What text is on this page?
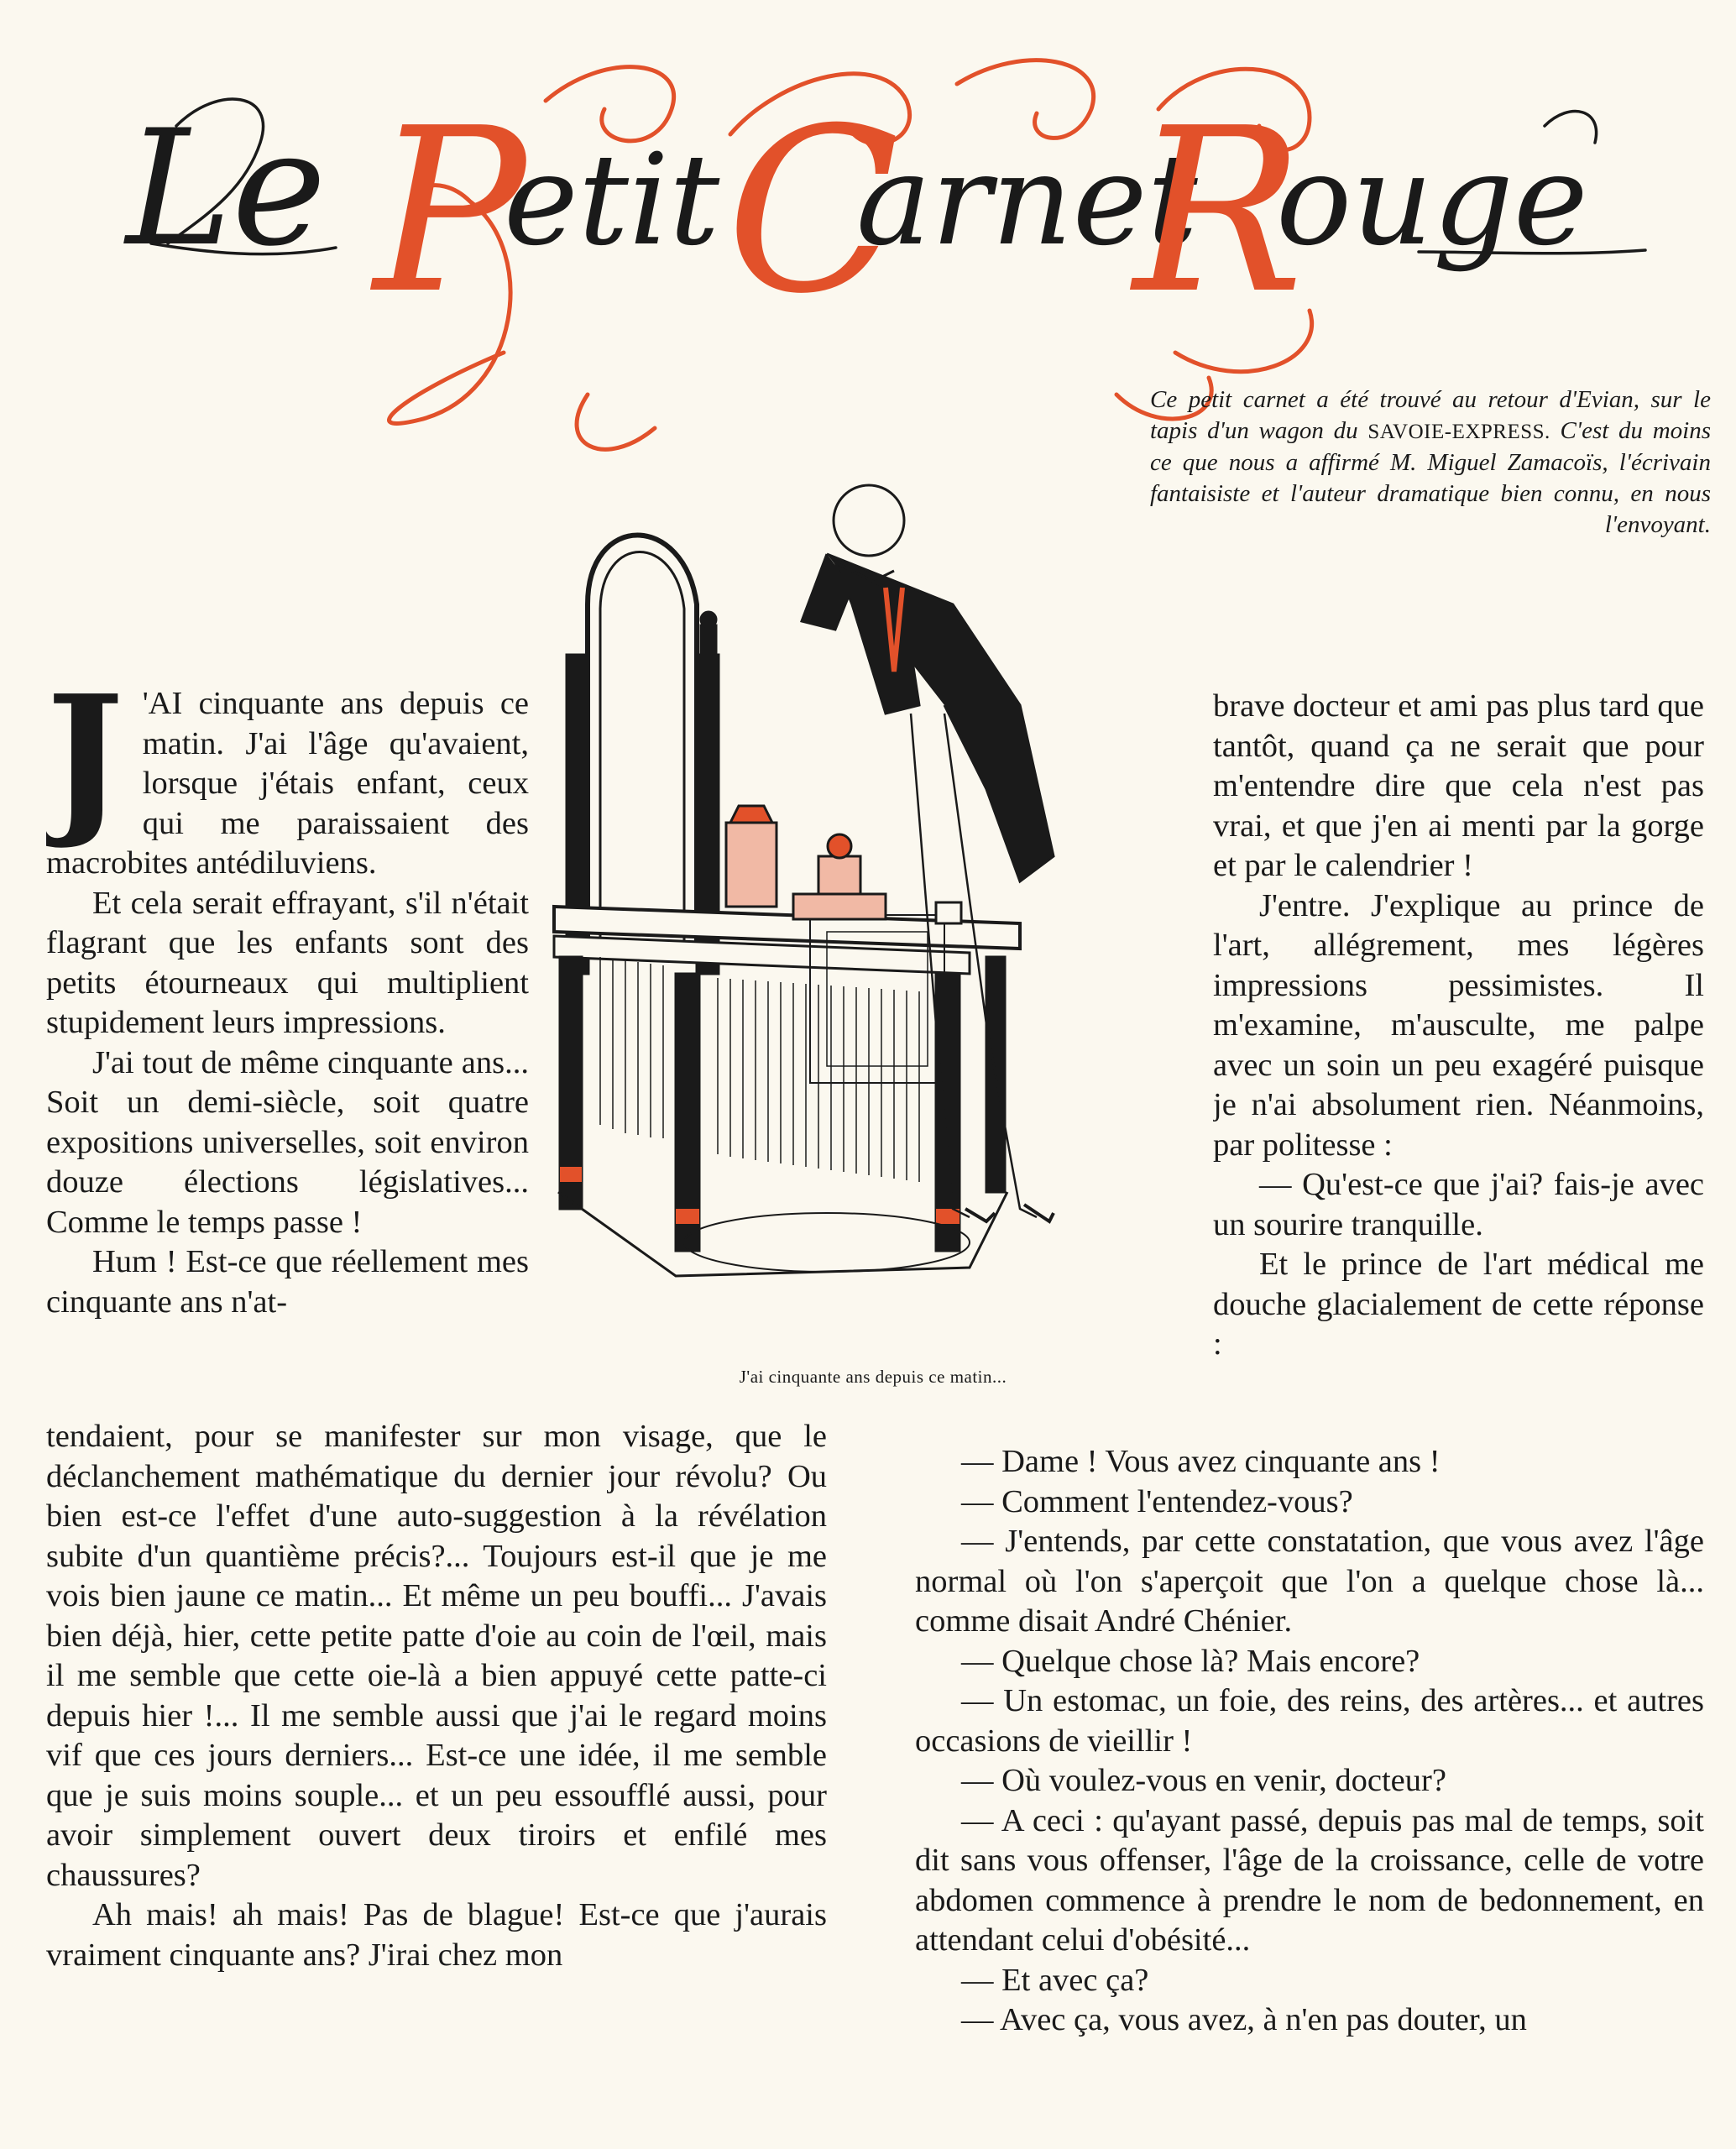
Le P
etit C
arnet
R
ouge
Ce petit carnet a été trouvé au retour d'Evian, sur le tapis d'un wagon du SAVOIE-EXPRESS. C'est du moins ce que nous a affirmé M. Miguel Zamacoïs, l'écrivain fantaisiste et l'auteur dramatique bien connu, en nous l'envoyant.
J'ai cinquante ans depuis ce matin...

J 'AI cinquante ans depuis ce matin. J'ai l'âge qu'avaient, lorsque j'étais enfant, ceux qui me paraissaient des macrobites antédiluviens.

Et cela serait effrayant, s'il n'était flagrant que les enfants sont des petits étourneaux qui multiplient stupidement leurs impressions.

J'ai tout de même cinquante ans... Soit un demi-siècle, soit quatre expositions universelles, soit environ douze élections législatives... Comme le temps passe !

Hum ! Est-ce que réellement mes cinquante ans n'at-

tendaient, pour se manifester sur mon visage, que le déclanchement mathématique du dernier jour révolu? Ou bien est-ce l'effet d'une auto-suggestion à la révélation subite d'un quantième précis?... Toujours est-il que je me vois bien jaune ce matin... Et même un peu bouffi... J'avais bien déjà, hier, cette petite patte d'oie au coin de l'œil, mais il me semble que cette oie-là a bien appuyé cette patte-ci depuis hier !... Il me semble aussi que j'ai le regard moins vif que ces jours derniers... Est-ce une idée, il me semble que je suis moins souple... et un peu essoufflé aussi, pour avoir simplement ouvert deux tiroirs et enfilé mes chaussures?

Ah mais! ah mais! Pas de blague! Est-ce que j'aurais vraiment cinquante ans? J'irai chez mon

brave docteur et ami pas plus tard que tantôt, quand ça ne serait que pour m'entendre dire que cela n'est pas vrai, et que j'en ai menti par la gorge et par le calendrier !

J'entre. J'explique au prince de l'art, allégrement, mes légères impressions pessimistes. Il m'examine, m'ausculte, me palpe avec un soin un peu exagéré puisque je n'ai absolument rien. Néanmoins, par politesse :

— Qu'est-ce que j'ai? fais-je avec un sourire tranquille.

Et le prince de l'art médical me douche glacialement de cette réponse :

— Dame ! Vous avez cinquante ans !

— Comment l'entendez-vous?

— J'entends, par cette constatation, que vous avez l'âge normal où l'on s'aperçoit que l'on a quelque chose là... comme disait André Chénier.

— Quelque chose là? Mais encore?

— Un estomac, un foie, des reins, des artères... et autres occasions de vieillir !

— Où voulez-vous en venir, docteur?

— A ceci : qu'ayant passé, depuis pas mal de temps, soit dit sans vous offenser, l'âge de la croissance, celle de votre abdomen commence à prendre le nom de bedonnement, en attendant celui d'obésité...

— Et avec ça?

— Avec ça, vous avez, à n'en pas douter, un
